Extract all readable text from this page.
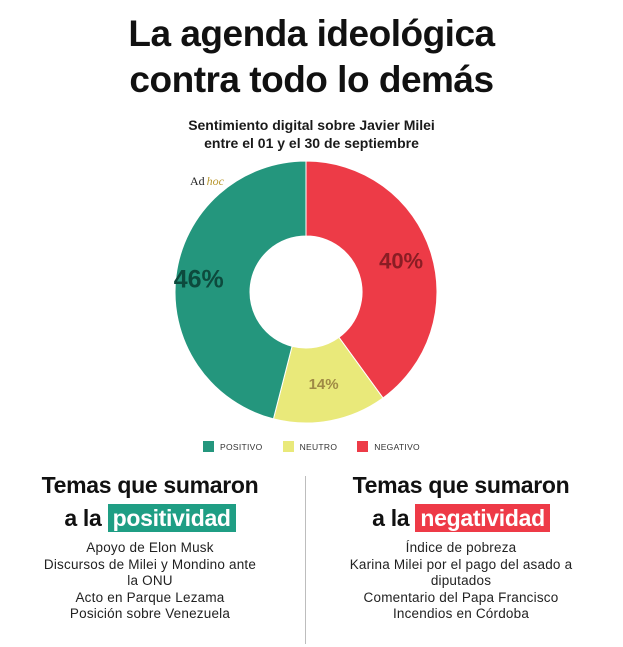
La agenda ideológica
contra todo lo demás
Sentimiento digital sobre Javier Milei
entre el 01 y el 30 de septiembre
40%
14%
46%
Ad hoc
POSITIVO	NEUTRO	NEGATIVO
Temas que sumaron
a la positividad
Apoyo de Elon Musk
Discursos de Milei y Mondino ante la ONU
Acto en Parque Lezama
Posición sobre Venezuela
Temas que sumaron
a la negatividad
Índice de pobreza
Karina Milei por el pago del asado a diputados
Comentario del Papa Francisco
Incendios en Córdoba
